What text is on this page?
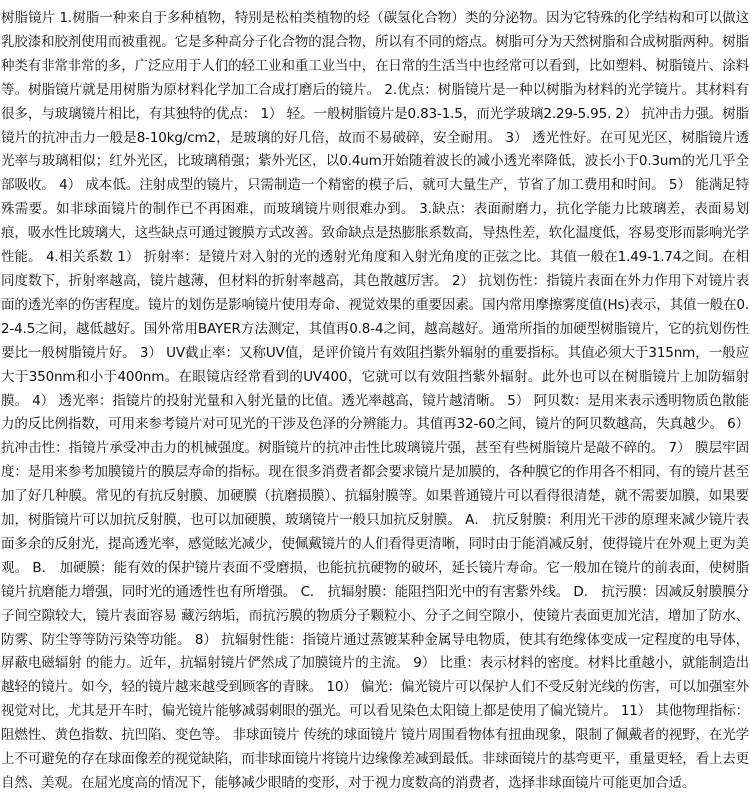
树脂镜片 1.树脂一种来自于多种植物，特别是松柏类植物的烃（碳氢化合物）类的分泌物。因为它特殊的化学结构和可以做这乳胶漆和胶剂使用而被重视。它是多种高分子化合物的混合物，所以有不同的熔点。树脂可分为天然树脂和合成树脂两种。树脂种类有非常非常的多，广泛应用于人们的轻工业和重工业当中，在日常的生活当中也经常可以看到，比如塑料、树脂镜片、涂料等。树脂镜片就是用树脂为原材料化学加工合成打磨后的镜片。 2.优点：树脂镜片是一种以树脂为材料的光学镜片。其材料有很多，与玻璃镜片相比，有其独特的优点： 1） 轻。一般树脂镜片是0.83-1.5，而光学玻璃2.29-5.95. 2） 抗冲击力强。树脂镜片的抗冲击力一般是8-10kg/cm2，是玻璃的好几倍，故而不易破碎，安全耐用。 3） 透光性好。在可见光区，树脂镜片透光率与玻璃相似；红外光区，比玻璃稍强；紫外光区，以0.4um开始随着波长的减小透光率降低，波长小于0.3um的光几乎全部吸收。 4） 成本低。注射成型的镜片，只需制造一个精密的模子后，就可大量生产，节省了加工费用和时间。 5） 能满足特殊需要。如非球面镜片的制作已不再困难，而玻璃镜片则很难办到。 3.缺点：表面耐磨力，抗化学能力比玻璃差，表面易划痕，吸水性比玻璃大，这些缺点可通过镀膜方式改善。致命缺点是热膨胀系数高，导热性差，软化温度低，容易变形而影响光学性能。 4.相关系数 1） 折射率：是镜片对入射的光的透射光角度和入射光角度的正弦之比。其值一般在1.49-1.74之间。在相同度数下，折射率越高，镜片越薄，但材料的折射率越高，其色散越厉害。 2） 抗划伤性：指镜片表面在外力作用下对镜片表面的透光率的伤害程度。镜片的划伤是影响镜片使用寿命、视觉效果的重要因素。国内常用摩擦雾度值(Hs)表示，其值一般在0.2-4.5之间，越低越好。国外常用BAYER方法测定，其值再0.8-4之间，越高越好。通常所指的加硬型树脂镜片，它的抗划伤性要比一般树脂镜片好。 3） UV截止率：又称UV值，是评价镜片有效阻挡紫外辐射的重要指标。其值必须大于315nm，一般应大于350nm和小于400nm。在眼镜店经常看到的UV400，它就可以有效阻挡紫外辐射。此外也可以在树脂镜片上加防辐射膜。 4） 透光率：指镜片的投射光量和入射光量的比值。透光率越高，镜片越清晰。 5） 阿贝数：是用来表示透明物质色散能力的反比例指数，可用来参考镜片对可见光的干涉及色泽的分辨能力。其值再32-60之间，镜片的阿贝数越高，失真越少。 6） 抗冲击性：指镜片承受冲击力的机械强度。树脂镜片的抗冲击性比玻璃镜片强，甚至有些树脂镜片是敲不碎的。 7） 膜层牢固度：是用来参考加膜镜片的膜层寿命的指标。现在很多消费者都会要求镜片是加膜的，各种膜它的作用各不相同，有的镜片甚至加了好几种膜。常见的有抗反射膜、加硬膜（抗磨损膜）、抗辐射膜等。如果普通镜片可以看得很清楚，就不需要加膜，如果要加，树脂镜片可以加抗反射膜，也可以加硬膜，玻璃镜片一般只加抗反射膜。 A． 抗反射膜：利用光干涉的原理来减少镜片表面多余的反射光，提高透光率，感觉眩光减少，使佩戴镜片的人们看得更清晰，同时由于能消减反射，使得镜片在外观上更为美观。 B． 加硬膜：能有效的保护镜片表面不受磨损，也能抗抗硬物的破坏，延长镜片寿命。它一般加在镜片的前表面，使树脂镜片抗磨能力增强，同时光的通透性也有所增强。 C． 抗辐射膜：能阻挡阳光中的有害紫外线。 D． 抗污膜：因减反射膜膜分子间空隙较大，镜片表面容易 藏污纳垢，而抗污膜的物质分子颗粒小、分子之间空隙小，使镜片表面更加光洁，增加了防水、防雾、防尘等等防污染等功能。 8） 抗辐射性能：指镜片通过蒸镀某种金属导电物质，使其有绝缘体变成一定程度的电导体，屏蔽电磁辐射 的能力。近年，抗辐射镜片俨然成了加膜镜片的主流。 9） 比重：表示材料的密度。材料比重越小，就能制造出越轻的镜片。如今，轻的镜片越来越受到顾客的青睐。 10） 偏光：偏光镜片可以保护人们不受反射光线的伤害，可以加强室外视觉对比，尤其是开车时，偏光镜片能够减弱刺眼的强光。可以看见染色太阳镜上都是使用了偏光镜片。 11） 其他物理指标：阻燃性、黄色指数、抗凹陷、变色等。 非球面镜片 传统的球面镜片 镜片周围看物体有扭曲现象，限制了佩戴者的视野，在光学上不可避免的存在球面像差的视觉缺陷，而非球面镜片将镜片边缘像差减到最低。非球面镜片的基弯更平，重量更轻，看上去更自然、美观。在屈光度高的情况下，能够减少眼睛的变形，对于视力度数高的消费者，选择非球面镜片可能更加合适。
